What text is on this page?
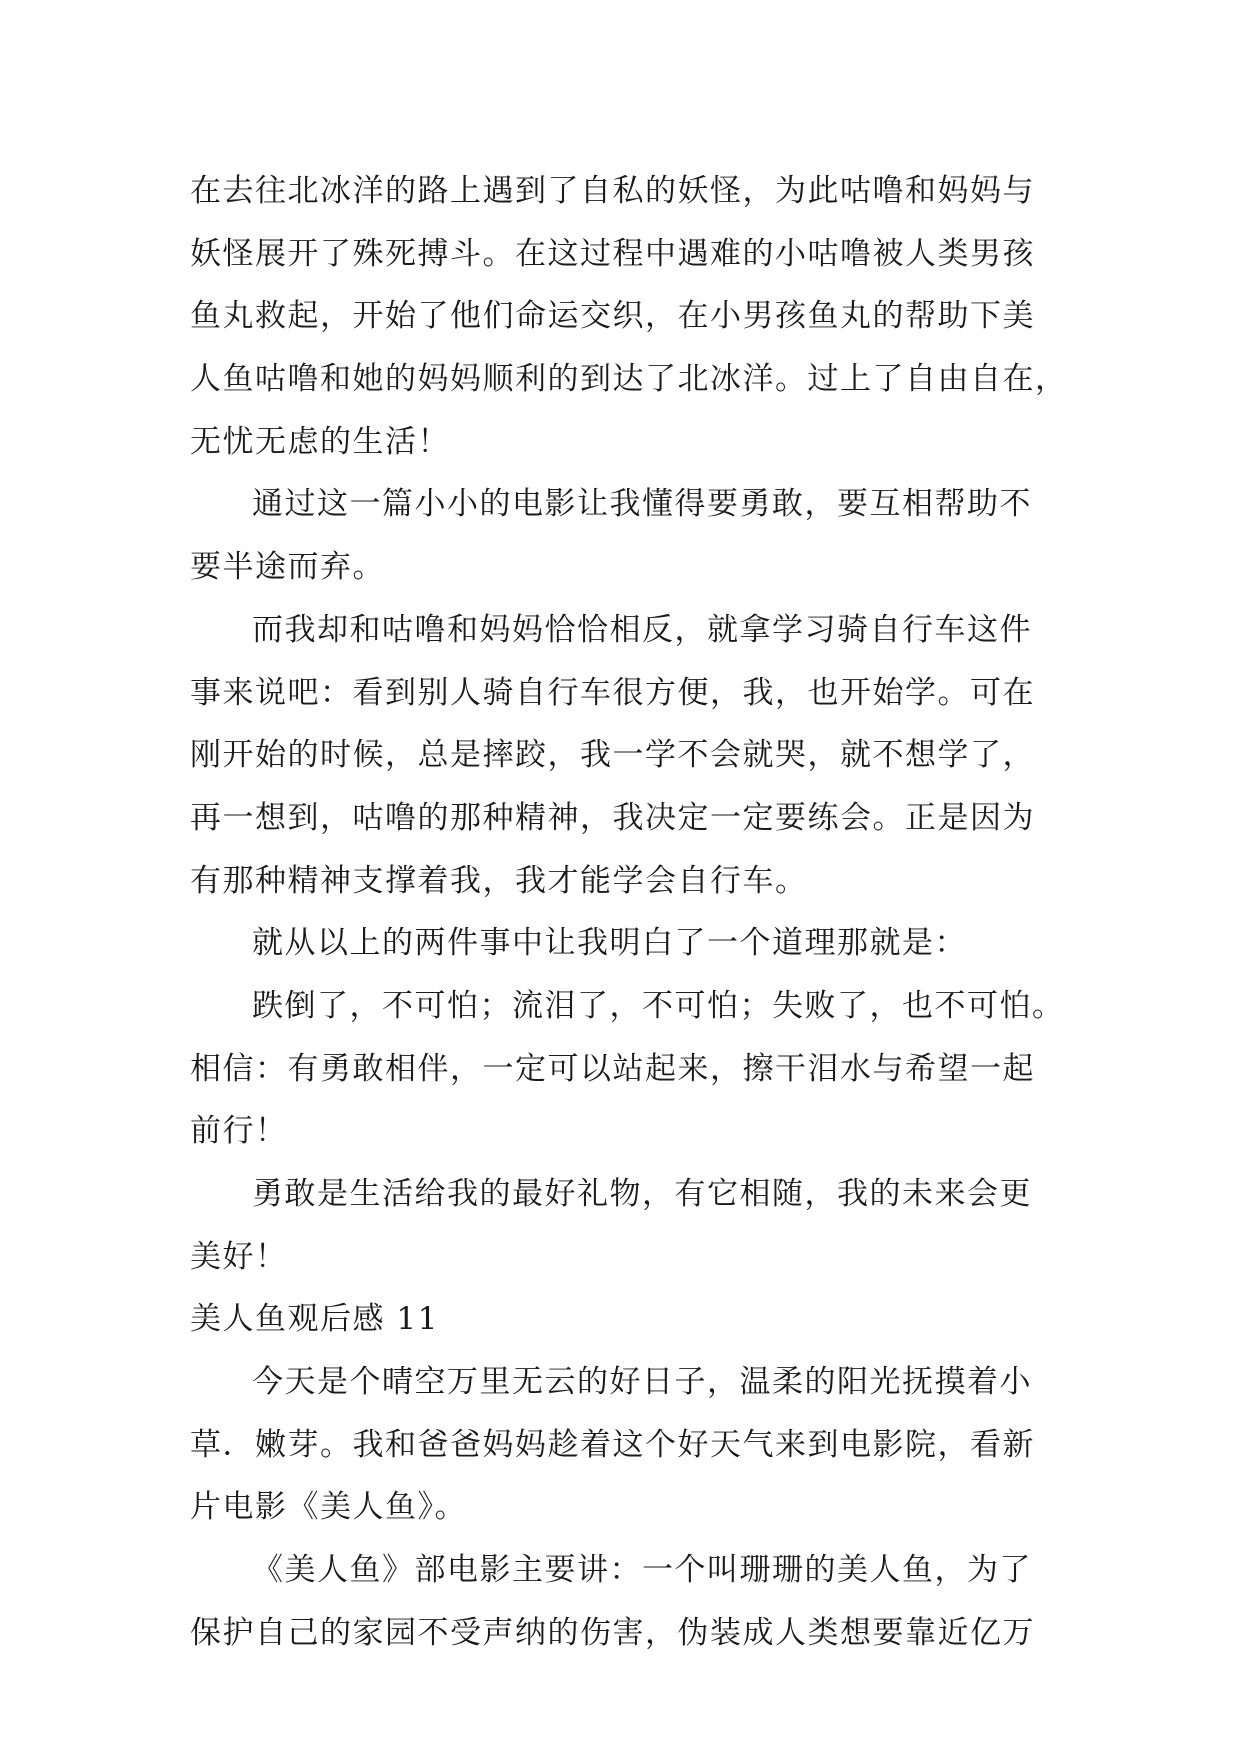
在去往北冰洋的路上遇到了自私的妖怪，为此咕噜和妈妈与
妖怪展开了殊死搏斗。在这过程中遇难的小咕噜被人类男孩
鱼丸救起，开始了他们命运交织，在小男孩鱼丸的帮助下美
人鱼咕噜和她的妈妈顺利的到达了北冰洋。过上了自由自在，
无忧无虑的生活！
通过这一篇小小的电影让我懂得要勇敢，要互相帮助不
要半途而弃。
而我却和咕噜和妈妈恰恰相反，就拿学习骑自行车这件
事来说吧：看到别人骑自行车很方便，我，也开始学。可在
刚开始的时候，总是摔跤，我一学不会就哭，就不想学了，
再一想到，咕噜的那种精神，我决定一定要练会。正是因为
有那种精神支撑着我，我才能学会自行车。
就从以上的两件事中让我明白了一个道理那就是：
跌倒了，不可怕；流泪了，不可怕；失败了，也不可怕。
相信：有勇敢相伴，一定可以站起来，擦干泪水与希望一起
前行！
勇敢是生活给我的最好礼物，有它相随，我的未来会更
美好！
美人鱼观后感 11
今天是个晴空万里无云的好日子，温柔的阳光抚摸着小
草．嫩芽。我和爸爸妈妈趁着这个好天气来到电影院，看新
片电影《美人鱼》。
《美人鱼》部电影主要讲：一个叫珊珊的美人鱼，为了
保护自己的家园不受声纳的伤害，伪装成人类想要靠近亿万
